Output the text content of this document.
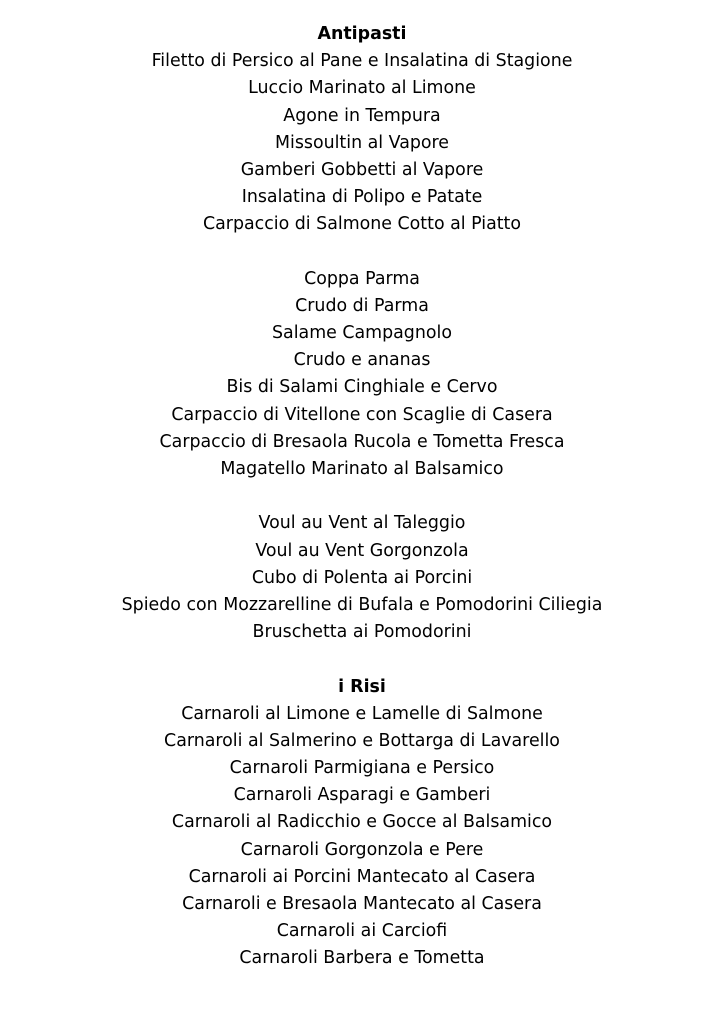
Antipasti
Filetto di Persico al Pane e Insalatina di Stagione
Luccio Marinato al Limone
Agone in Tempura
Missoultin al Vapore
Gamberi Gobbetti al Vapore
Insalatina di Polipo e Patate
Carpaccio di Salmone Cotto al Piatto
Coppa Parma
Crudo di Parma
Salame Campagnolo
Crudo e ananas
Bis di Salami Cinghiale e Cervo
Carpaccio di Vitellone con Scaglie di Casera
Carpaccio di Bresaola Rucola e Tometta Fresca
Magatello Marinato al Balsamico
Voul au Vent al Taleggio
Voul au Vent Gorgonzola
Cubo di Polenta ai Porcini
Spiedo con Mozzarelline di Bufala e Pomodorini Ciliegia
Bruschetta ai Pomodorini
i Risi
Carnaroli al Limone e Lamelle di Salmone
Carnaroli al Salmerino e Bottarga di Lavarello
Carnaroli Parmigiana e Persico
Carnaroli Asparagi e Gamberi
Carnaroli al Radicchio e Gocce al Balsamico
Carnaroli Gorgonzola e Pere
Carnaroli ai Porcini Mantecato al Casera
Carnaroli e Bresaola Mantecato al Casera
Carnaroli ai Carciofi
Carnaroli Barbera e Tometta
